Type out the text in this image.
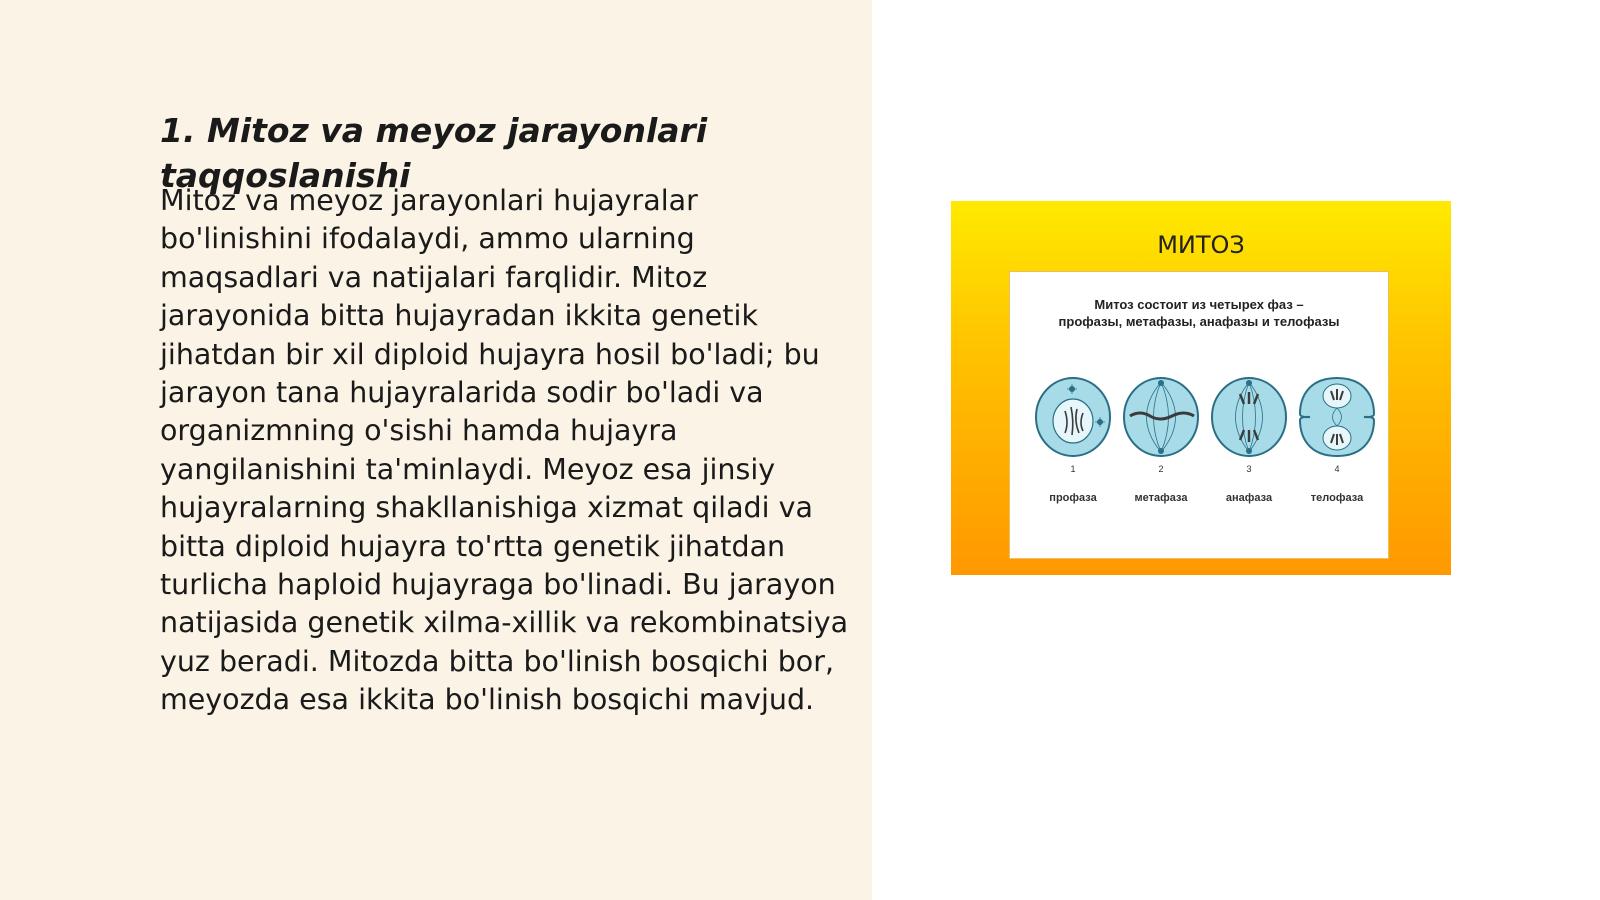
1. Mitoz va meyoz jarayonlari taqqoslanishi

Mitoz va meyoz jarayonlari hujayralar bo'linishini ifodalaydi, ammo ularning maqsadlari va natijalari farqlidir. Mitoz jarayonida bitta hujayradan ikkita genetik jihatdan bir xil diploid hujayra hosil bo'ladi; bu jarayon tana hujayralarida sodir bo'ladi va organizmning o'sishi hamda hujayra yangilanishini ta'minlaydi. Meyoz esa jinsiy hujayralarning shakllanishiga xizmat qiladi va bitta diploid hujayra to'rtta genetik jihatdan turlicha haploid hujayraga bo'linadi. Bu jarayon natijasida genetik xilma-xillik va rekombinatsiya yuz beradi. Mitozda bitta bo'linish bosqichi bor, meyozda esa ikkita bo'linish bosqichi mavjud.

МИТОЗ
Митоз состоит из четырех фаз –
профазы, метафазы, анафазы и телофазы
1
профаза
2
метафаза
3
анафаза
4
телофаза
